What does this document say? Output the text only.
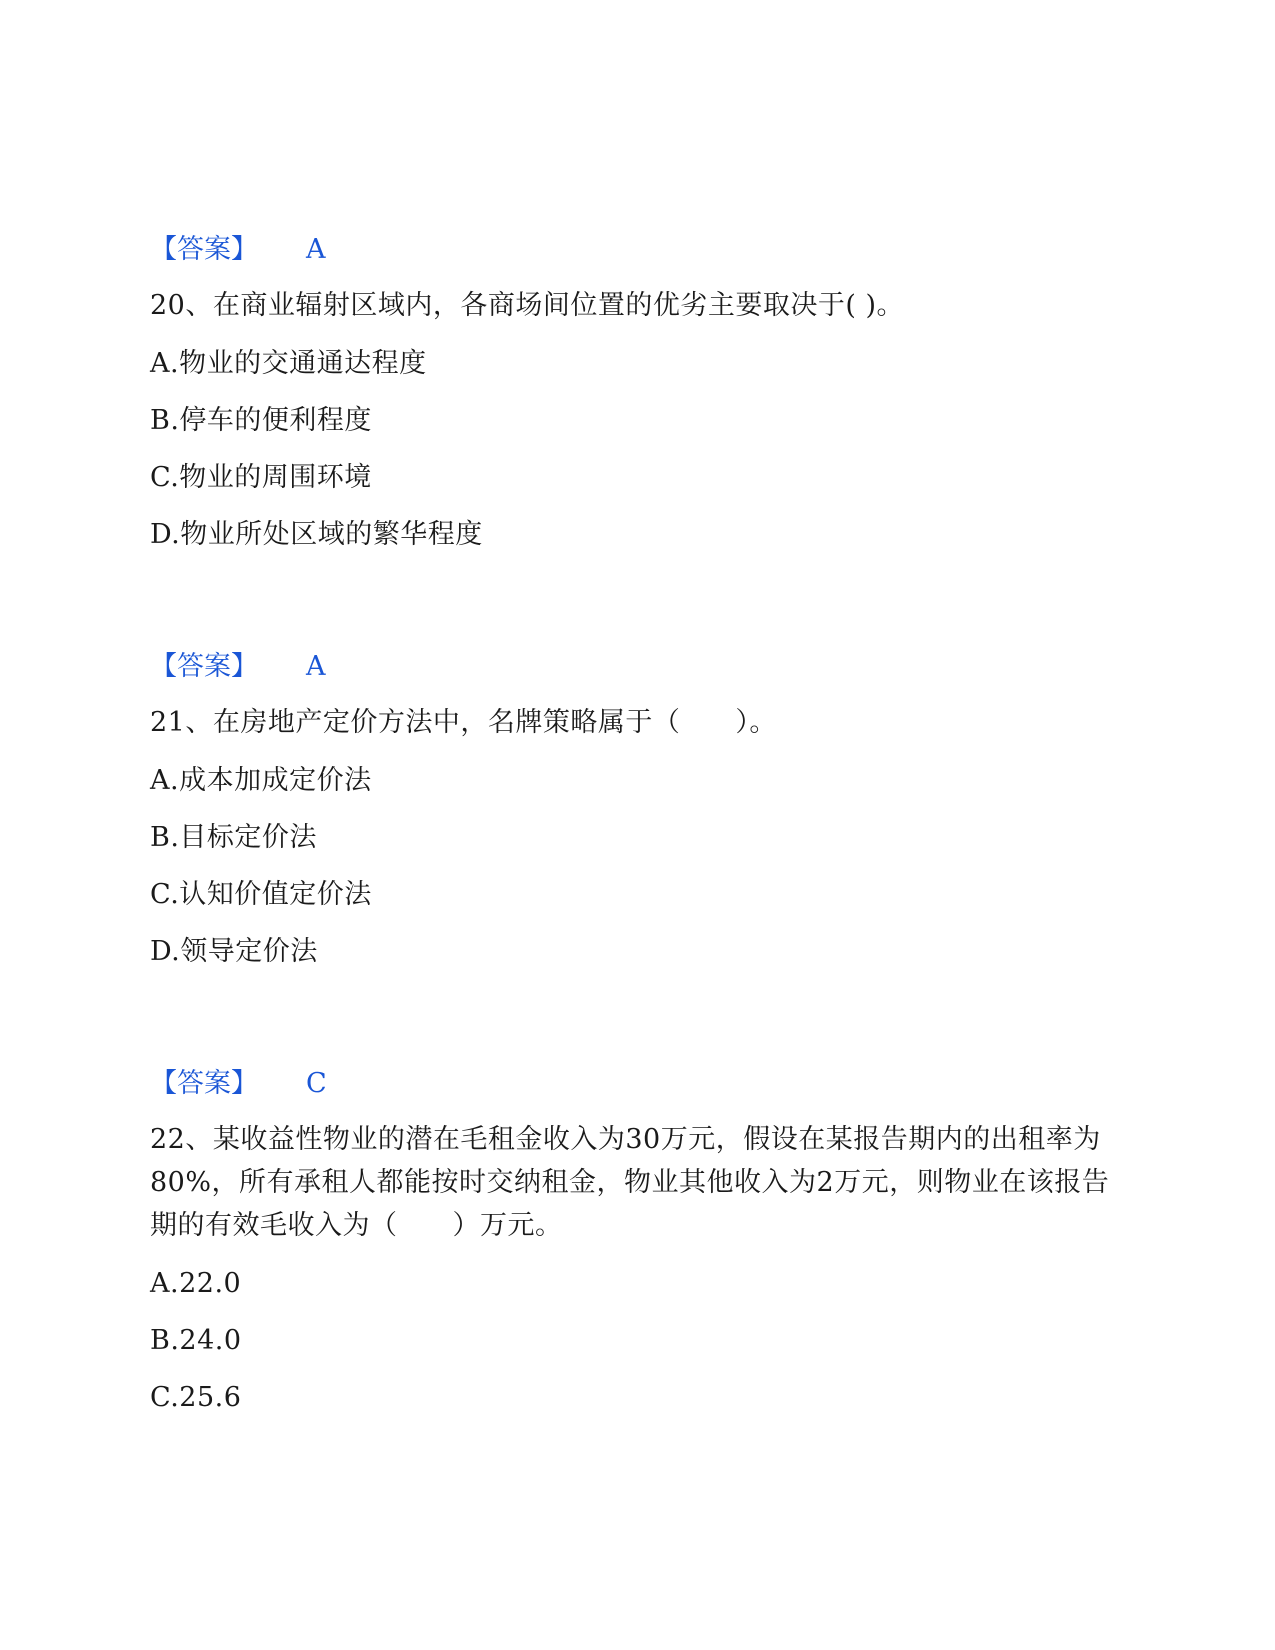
【答案】 A
20、在商业辐射区域内，各商场间位置的优劣主要取决于( )。
A.物业的交通通达程度
B.停车的便利程度
C.物业的周围环境
D.物业所处区域的繁华程度
【答案】 A
21、在房地产定价方法中，名牌策略属于（　　）。
A.成本加成定价法
B.目标定价法
C.认知价值定价法
D.领导定价法
【答案】 C
22、某收益性物业的潜在毛租金收入为30万元，假设在某报告期内的出租率为80%，所有承租人都能按时交纳租金，物业其他收入为2万元，则物业在该报告期的有效毛收入为（　　）万元。
A.22.0
B.24.0
C.25.6
